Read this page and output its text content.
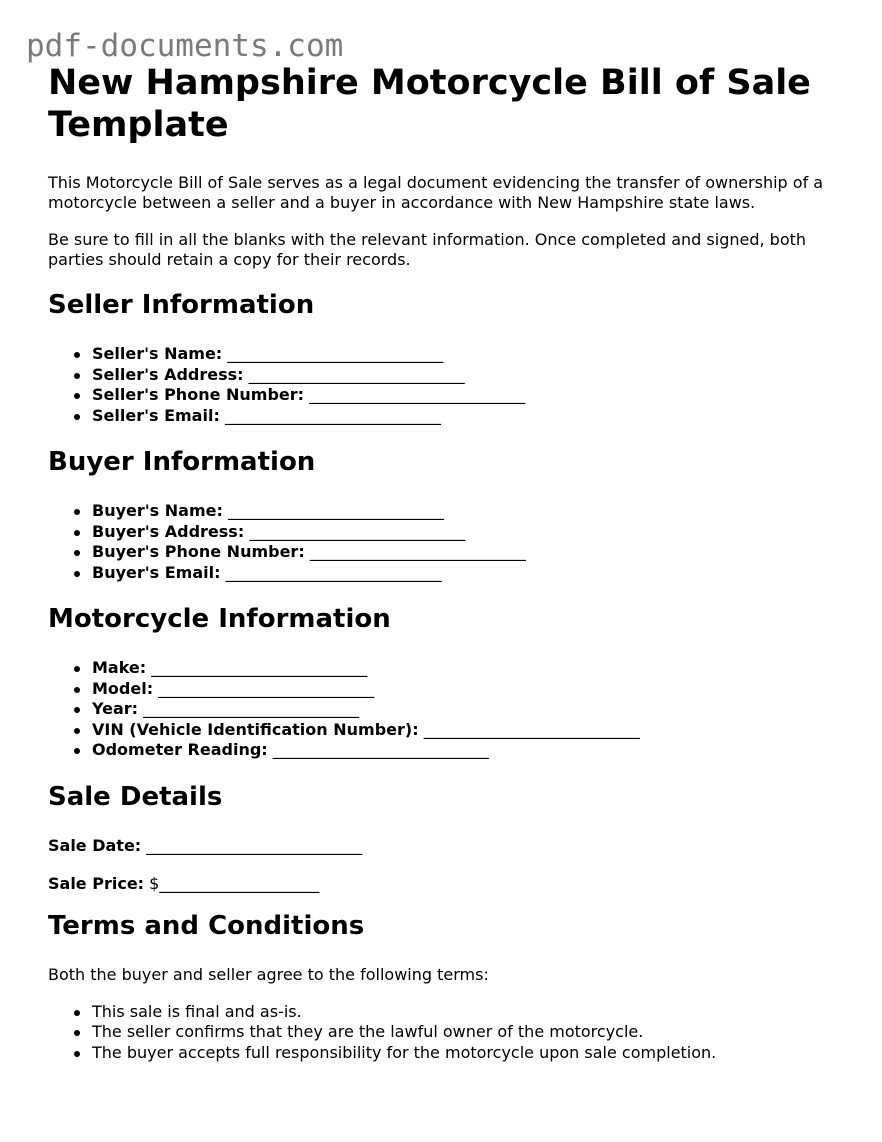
pdf-documents.com
New Hampshire Motorcycle Bill of Sale Template

This Motorcycle Bill of Sale serves as a legal document evidencing the transfer of ownership of a motorcycle between a seller and a buyer in accordance with New Hampshire state laws.

Be sure to fill in all the blanks with the relevant information. Once completed and signed, both parties should retain a copy for their records.

Seller Information
Seller's Name: ___________________________
Seller's Address: ___________________________
Seller's Phone Number: ___________________________
Seller's Email: ___________________________
Buyer Information
Buyer's Name: ___________________________
Buyer's Address: ___________________________
Buyer's Phone Number: ___________________________
Buyer's Email: ___________________________
Motorcycle Information
Make: ___________________________
Model: ___________________________
Year: ___________________________
VIN (Vehicle Identification Number): ___________________________
Odometer Reading: ___________________________
Sale Details

Sale Date: ___________________________

Sale Price: $____________________

Terms and Conditions

Both the buyer and seller agree to the following terms:

This sale is final and as-is.
The seller confirms that they are the lawful owner of the motorcycle.
The buyer accepts full responsibility for the motorcycle upon sale completion.
